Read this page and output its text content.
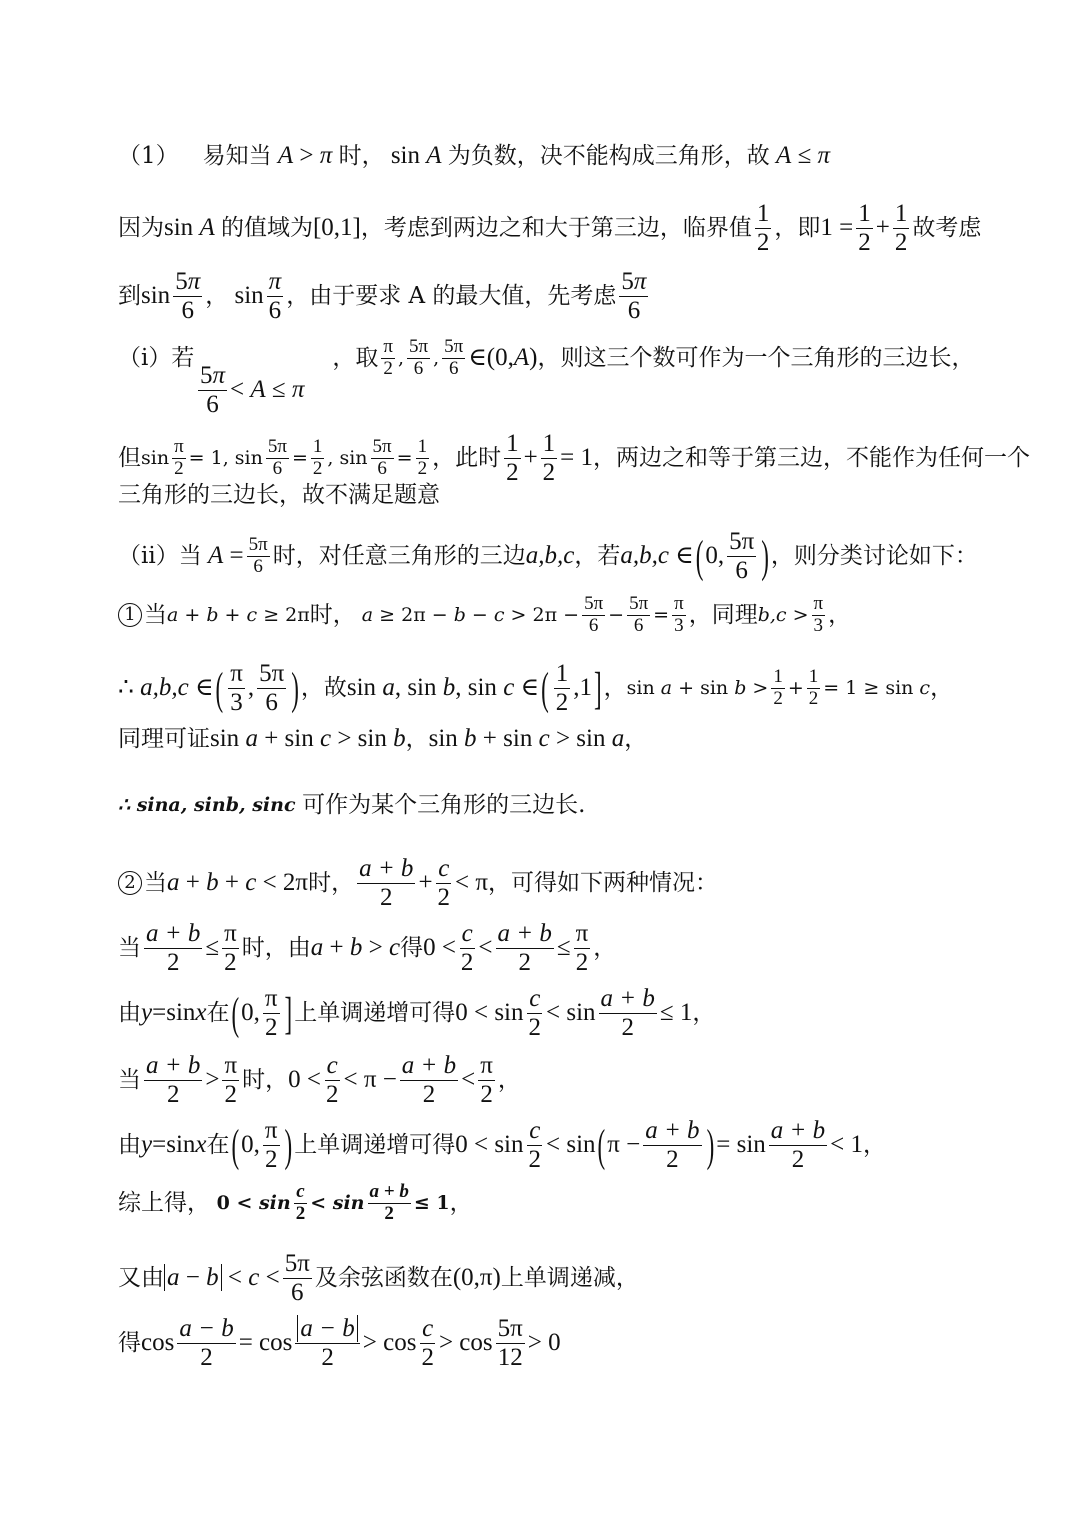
（1） 易知当 A > π 时， sin A 为负数，决不能构成三角形，故 A ≤ π
因为 sin A 的值域为 [0,1] ，考虑到两边之和大于第三边，临界值 $\frac{1}{2}$ ，即 $1 = \frac{1}{2} + \frac{1}{2}$ 故考虑
到 $\sin \frac{5\pi}{6}$ ， $\sin \frac{\pi}{6}$ ，由于要求 A 的最大值，先考虑 $\frac{5\pi}{6}$
（i）若	，取 $\frac{\pi}{2}$ , $\frac{5\pi}{6}$ , $\frac{5\pi}{6}$ ∈(0,A) ，则这三个数可作为一个三角形的三边长，
$\frac{5\pi}{6} < A \le \pi$
但 $\sin \frac{\pi}{2} = 1$, $\sin \frac{5\pi}{6} = \frac{1}{2}$ , $\sin \frac{5\pi}{6} = \frac{1}{2}$ ，此时 $\frac{1}{2} + \frac{1}{2} = 1$ ，两边之和等于第三边，不能作为任何一个
三角形的三边长，故不满足题意
（ii）当 $A = \frac{5\pi}{6}$ 时，对任意三角形的三边 a,b,c ，若 a,b,c ∈ ( 0, $\frac{5\pi}{6}$ ) ，则分类讨论如下：
1 当 a + b + c ≥ 2π 时， $a \ge 2\pi - b - c > 2\pi - \frac{5\pi}{6} - \frac{5\pi}{6} = \frac{\pi}{3}$ ，同理 $b,c > \frac{\pi}{3}$ ，
∴ a,b,c ∈ ( $\frac{\pi}{3}$ , $\frac{5\pi}{6}$ ) ，故 sin a, sin b, sin c ∈ ( $\frac{1}{2} ,1$ ] ， $\sin a + \sin b > \frac{1}{2} + \frac{1}{2} = 1 \ge \sin c$ ，
同理可证 sin a + sin c > sin b ， sin b + sin c > sin a ，
∴ sina, sinb, sinc 可作为某个三角形的三边长.
2 当 a + b + c < 2π 时， $\frac{a + b}{2} + \frac{c}{2} < \pi$ ，可得如下两种情况：
当 $\frac{a + b}{2} \le \frac{\pi}{2}$ 时，由 a + b > c 得 $0 < \frac{c}{2} < \frac{a + b}{2} \le \frac{\pi}{2}$ ，
由 y=sinx 在 ( 0, $\frac{\pi}{2}$ ] 上单调递增可得 $0 < \sin \frac{c}{2} < \sin \frac{a + b}{2} \le 1$ ，
当 $\frac{a + b}{2} > \frac{\pi}{2}$ 时， $0 < \frac{c}{2} < \pi - \frac{a + b}{2} < \frac{\pi}{2}$ ，
由 y=sinx 在 ( 0, $\frac{\pi}{2}$ ) 上单调递增可得 $0 < \sin \frac{c}{2} < \sin$ ( $\pi - \frac{a + b}{2}$ ) = $\sin \frac{a + b}{2} < 1$ ，
综上得， $0 < \sin \frac{c}{2} < \sin \frac{a + b}{2} \le 1$ ，
又由 $a - b < c < \frac{5\pi}{6}$ 及余弦函数在 (0,π) 上单调递减，
得 $\cos \frac{a - b}{2} = \cos \frac{a - b}{2} > \cos \frac{c}{2} > \cos \frac{5\pi}{12} > 0$
